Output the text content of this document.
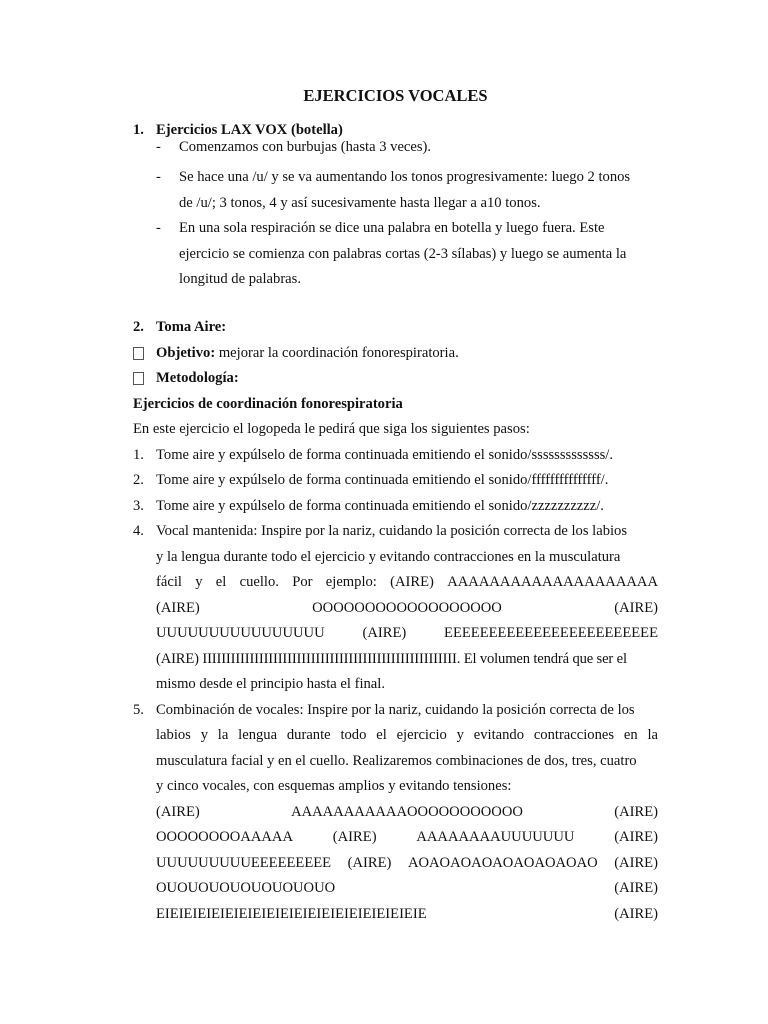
EJERCICIOS VOCALES
1. Ejercicios LAX VOX (botella)
- Comenzamos con burbujas (hasta 3 veces).
- Se hace una /u/ y se va aumentando los tonos progresivamente: luego 2 tonos
de /u/; 3 tonos, 4 y así sucesivamente hasta llegar a a10 tonos.
- En una sola respiración se dice una palabra en botella y luego fuera. Este
ejercicio se comienza con palabras cortas (2-3 sílabas) y luego se aumenta la
longitud de palabras.
2. Toma Aire:
Objetivo: mejorar la coordinación fonorespiratoria.
Metodología:
Ejercicios de coordinación fonorespiratoria
En este ejercicio el logopeda le pedirá que siga los siguientes pasos:
1. Tome aire y expúlselo de forma continuada emitiendo el sonido/sssssssssssss/.
2. Tome aire y expúlselo de forma continuada emitiendo el sonido/fffffffffffffff/.
3. Tome aire y expúlselo de forma continuada emitiendo el sonido/zzzzzzzzzz/.
4. Vocal mantenida: Inspire por la nariz, cuidando la posición correcta de los labios
y la lengua durante todo el ejercicio y evitando contracciones en la musculatura
fácil y el cuello. Por ejemplo: (AIRE) AAAAAAAAAAAAAAAAAAAA
(AIRE)	OOOOOOOOOOOOOOOOOO	(AIRE)
UUUUUUUUUUUUUUUU	(AIRE)	EEEEEEEEEEEEEEEEEEEEEEEE
(AIRE) IIIIIIIIIIIIIIIIIIIIIIIIIIIIIIIIIIIIIIIIIIIIIIIIIIIIII. El volumen tendrá que ser el
mismo desde el principio hasta el final.
5. Combinación de vocales: Inspire por la nariz, cuidando la posición correcta de los
labios y la lengua durante todo el ejercicio y evitando contracciones en la
musculatura facial y en el cuello. Realizaremos combinaciones de dos, tres, cuatro
y cinco vocales, con esquemas amplios y evitando tensiones:
(AIRE)	AAAAAAAAAAAOOOOOOOOOOO	(AIRE)
OOOOOOOOAAAAA	(AIRE)	AAAAAAAAUUUUUUU	(AIRE)
UUUUUUUUUEEEEEEEEE (AIRE) AOAOAOAOAOAOAOAOAO (AIRE)
OUOUOUOUOUOUOUOUO	(AIRE)
EIEIEIEIEIEIEIEIEIEIEIEIEIEIEIEIEIEIEIE	(AIRE)
